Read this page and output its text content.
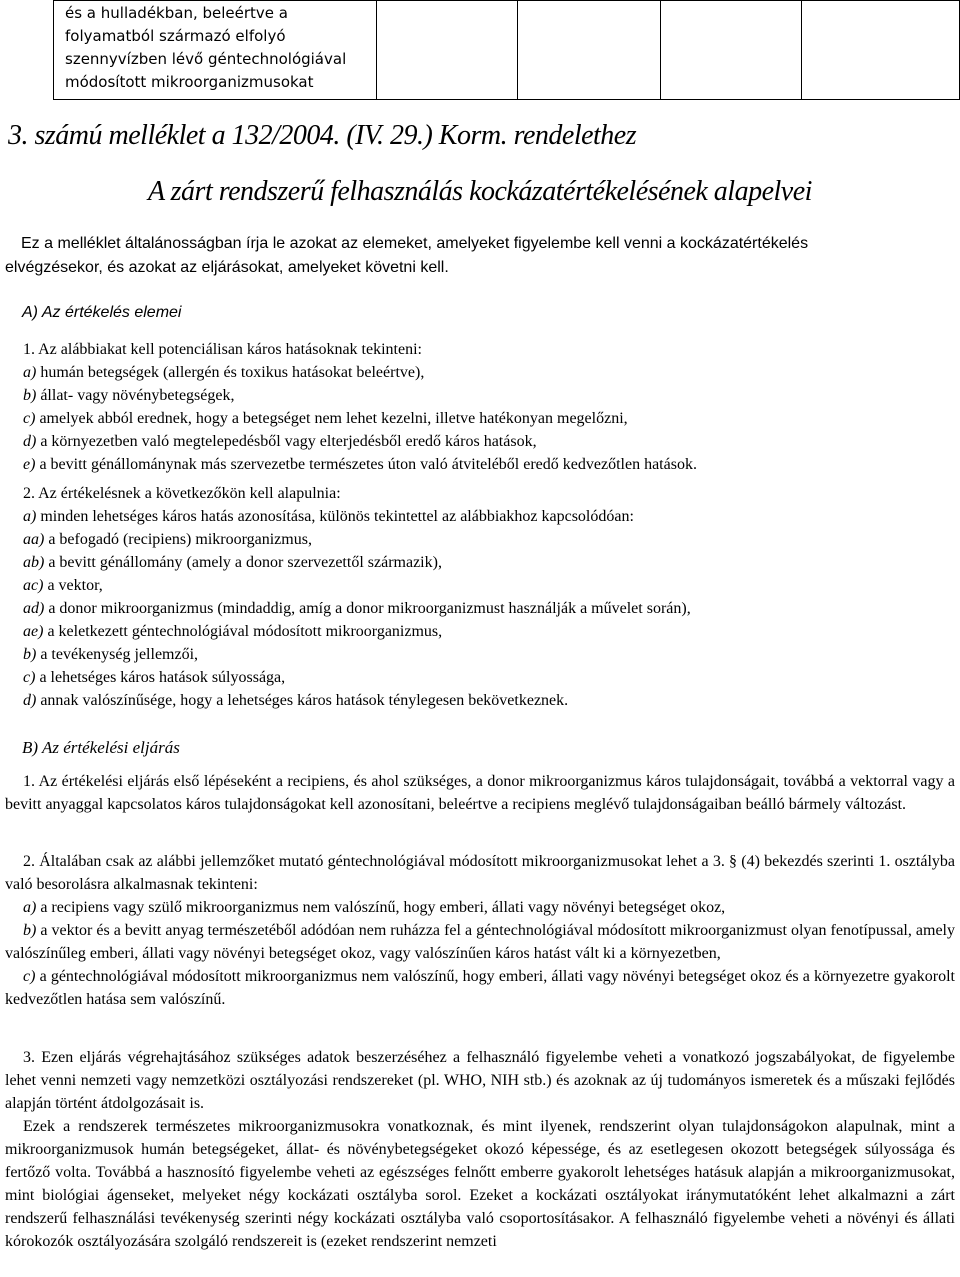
és a hulladékban, beleértve a
folyamatból származó elfolyó
szennyvízben lévő géntechnológiával
módosított mikroorganizmusokat

3. számú melléklet a 132/2004. (IV. 29.) Korm. rendelethez
A zárt rendszerű felhasználás kockázatértékelésének alapelvei
Ez a melléklet általánosságban írja le azokat az elemeket, amelyeket figyelembe kell venni a kockázatértékelés
elvégzésekor, és azokat az eljárásokat, amelyeket követni kell.
A) Az értékelés elemei

1. Az alábbiakat kell potenciálisan káros hatásoknak tekinteni:

a) humán betegségek (allergén és toxikus hatásokat beleértve),

b) állat- vagy növénybetegségek,

c) amelyek abból erednek, hogy a betegséget nem lehet kezelni, illetve hatékonyan megelőzni,

d) a környezetben való megtelepedésből vagy elterjedésből eredő káros hatások,

e) a bevitt génállománynak más szervezetbe természetes úton való átviteléből eredő kedvezőtlen hatások.

2. Az értékelésnek a következőkön kell alapulnia:

a) minden lehetséges káros hatás azonosítása, különös tekintettel az alábbiakhoz kapcsolódóan:

aa) a befogadó (recipiens) mikroorganizmus,

ab) a bevitt génállomány (amely a donor szervezettől származik),

ac) a vektor,

ad) a donor mikroorganizmus (mindaddig, amíg a donor mikroorganizmust használják a művelet során),

ae) a keletkezett géntechnológiával módosított mikroorganizmus,

b) a tevékenység jellemzői,

c) a lehetséges káros hatások súlyossága,

d) annak valószínűsége, hogy a lehetséges káros hatások ténylegesen bekövetkeznek.

B) Az értékelési eljárás

1. Az értékelési eljárás első lépéseként a recipiens, és ahol szükséges, a donor mikroorganizmus káros tulajdonságait, továbbá a vektorral vagy a bevitt anyaggal kapcsolatos káros tulajdonságokat kell azonosítani, beleértve a recipiens meglévő tulajdonságaiban beálló bármely változást.

2. Általában csak az alábbi jellemzőket mutató géntechnológiával módosított mikroorganizmusokat lehet a 3. § (4) bekezdés szerinti 1. osztályba való besorolásra alkalmasnak tekinteni:

a) a recipiens vagy szülő mikroorganizmus nem valószínű, hogy emberi, állati vagy növényi betegséget okoz,

b) a vektor és a bevitt anyag természetéből adódóan nem ruházza fel a géntechnológiával módosított mikroorganizmust olyan fenotípussal, amely valószínűleg emberi, állati vagy növényi betegséget okoz, vagy valószínűen káros hatást vált ki a környezetben,

c) a géntechnológiával módosított mikroorganizmus nem valószínű, hogy emberi, állati vagy növényi betegséget okoz és a környezetre gyakorolt kedvezőtlen hatása sem valószínű.

3. Ezen eljárás végrehajtásához szükséges adatok beszerzéséhez a felhasználó figyelembe veheti a vonatkozó jogszabályokat, de figyelembe lehet venni nemzeti vagy nemzetközi osztályozási rendszereket (pl. WHO, NIH stb.) és azoknak az új tudományos ismeretek és a műszaki fejlődés alapján történt átdolgozásait is.

Ezek a rendszerek természetes mikroorganizmusokra vonatkoznak, és mint ilyenek, rendszerint olyan tulajdonságokon alapulnak, mint a mikroorganizmusok humán betegségeket, állat- és növénybetegségeket okozó képessége, és az esetlegesen okozott betegségek súlyossága és fertőző volta. Továbbá a hasznosító figyelembe veheti az egészséges felnőtt emberre gyakorolt lehetséges hatásuk alapján a mikroorganizmusokat, mint biológiai ágenseket, melyeket négy kockázati osztályba sorol. Ezeket a kockázati osztályokat iránymutatóként lehet alkalmazni a zárt rendszerű felhasználási tevékenység szerinti négy kockázati osztályba való csoportosításakor. A felhasználó figyelembe veheti a növényi és állati kórokozók osztályozására szolgáló rendszereit is (ezeket rendszerint nemzeti
